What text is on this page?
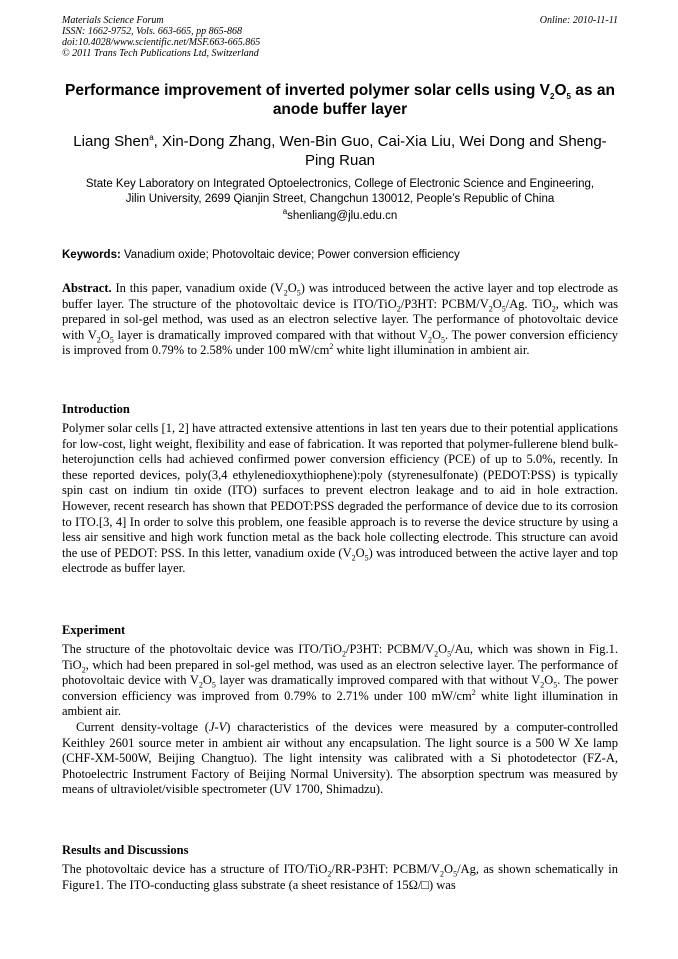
Materials Science Forum
ISSN: 1662-9752, Vols. 663-665, pp 865-868
doi:10.4028/www.scientific.net/MSF.663-665.865
© 2011 Trans Tech Publications Ltd, Switzerland
Online: 2010-11-11
Performance improvement of inverted polymer solar cells using $V_2O_5$ as an anode buffer layer
Liang Shen$^a$, Xin-Dong Zhang, Wen-Bin Guo, Cai-Xia Liu, Wei Dong and Sheng-Ping Ruan
State Key Laboratory on Integrated Optoelectronics, College of Electronic Science and Engineering,
Jilin University, 2699 Qianjin Street, Changchun 130012, People’s Republic of China
$^a$shenliang@jlu.edu.cn
Keywords: Vanadium oxide; Photovoltaic device; Power conversion efficiency

Abstract. In this paper, vanadium oxide $(V_2O_5)$ was introduced between the active layer and top electrode as buffer layer. The structure of the photovoltaic device is ITO/TiO$_2$/P3HT: PCBM/$V_2O_5/Ag$. TiO$_2$, which was prepared in sol-gel method, was used as an electron selective layer. The performance of photovoltaic device with $V_2O_5$ layer is dramatically improved compared with that without $V_2O_5$. The power conversion efficiency is improved from 0.79% to 2.58% under 100 $mW/cm^2$ white light illumination in ambient air.

Introduction

Polymer solar cells [1, 2] have attracted extensive attentions in last ten years due to their potential applications for low-cost, light weight, flexibility and ease of fabrication. It was reported that polymer-fullerene blend bulk-heterojunction cells had achieved confirmed power conversion efficiency (PCE) of up to 5.0%, recently. In these reported devices, poly(3,4 ethylenedioxythiophene):poly (styrenesulfonate) (PEDOT:PSS) is typically spin cast on indium tin oxide (ITO) surfaces to prevent electron leakage and to aid in hole extraction. However, recent research has shown that PEDOT:PSS degraded the performance of device due to its corrosion to ITO.[3, 4] In order to solve this problem, one feasible approach is to reverse the device structure by using a less air sensitive and high work function metal as the back hole collecting electrode. This structure can avoid the use of PEDOT: PSS. In this letter, vanadium oxide $(V_2O_5)$ was introduced between the active layer and top electrode as buffer layer.

Experiment

The structure of the photovoltaic device was ITO/TiO$_2$/P3HT: PCBM/$V_2O_5/Au$, which was shown in Fig.1. TiO$_2$, which had been prepared in sol-gel method, was used as an electron selective layer. The performance of photovoltaic device with $V_2O_5$ layer was dramatically improved compared with that without $V_2O_5$. The power conversion efficiency was improved from 0.79% to 2.71% under 100 $mW/cm^2$ white light illumination in ambient air.

Current density-voltage (J-V) characteristics of the devices were measured by a computer-controlled Keithley 2601 source meter in ambient air without any encapsulation. The light source is a 500 W Xe lamp (CHF-XM-500W, Beijing Changtuo). The light intensity was calibrated with a Si photodetector (FZ-A, Photoelectric Instrument Factory of Beijing Normal University). The absorption spectrum was measured by means of ultraviolet/visible spectrometer (UV 1700, Shimadzu).

Results and Discussions

The photovoltaic device has a structure of ITO/TiO$_2$/RR-P3HT: PCBM/$V_2O_5/Ag$, as shown schematically in Figure1. The ITO-conducting glass substrate (a sheet resistance of 15Ω/□) was
